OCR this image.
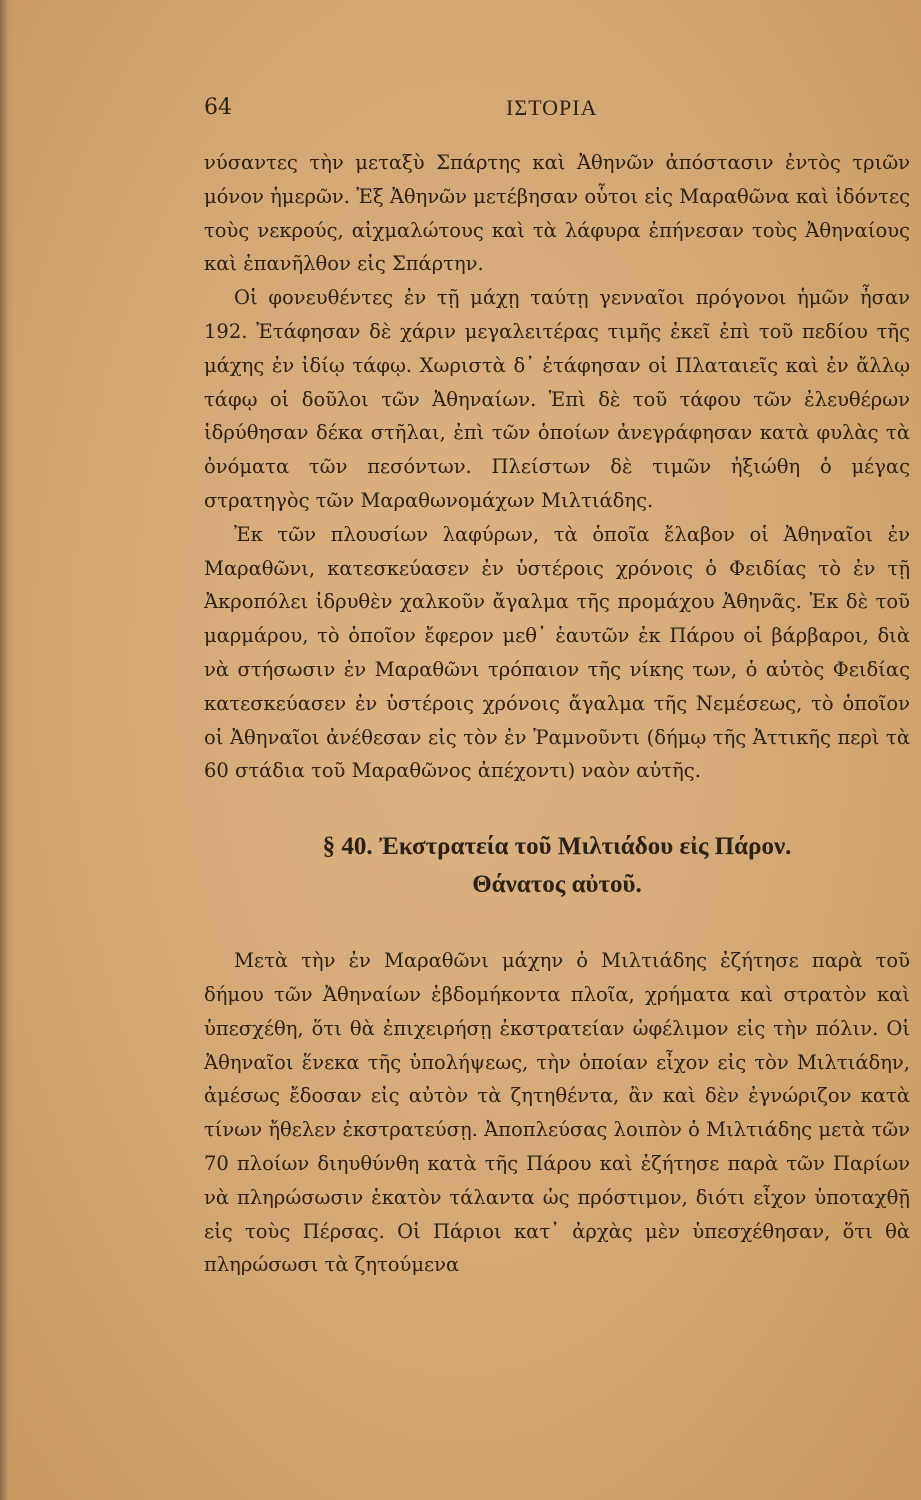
64	ΙΣΤΟΡΙΑ

νύσαντες τὴν μεταξὺ Σπάρτης καὶ Ἀθηνῶν ἀπόστασιν ἐντὸς τριῶν μόνον ἡμερῶν. Ἐξ Ἀθηνῶν μετέβησαν οὗτοι εἰς Μαραθῶνα καὶ ἰδόντες τοὺς νεκρούς, αἰχμαλώτους καὶ τὰ λάφυρα ἐπήνεσαν τοὺς Ἀθηναίους καὶ ἐπανῆλθον εἰς Σπάρτην.

Οἱ φονευθέντες ἐν τῇ μάχῃ ταύτῃ γενναῖοι πρόγονοι ἡμῶν ἦσαν 192. Ἐτάφησαν δὲ χάριν μεγαλειτέρας τιμῆς ἐκεῖ ἐπὶ τοῦ πεδίου τῆς μάχης ἐν ἰδίῳ τάφῳ. Χωριστὰ δ᾽ ἐτάφησαν οἱ Πλαταιεῖς καὶ ἐν ἄλλῳ τάφῳ οἱ δοῦλοι τῶν Ἀθηναίων. Ἐπὶ δὲ τοῦ τάφου τῶν ἐλευθέρων ἱδρύθησαν δέκα στῆλαι, ἐπὶ τῶν ὁποίων ἀνεγράφησαν κατὰ φυλὰς τὰ ὀνόματα τῶν πεσόντων. Πλείστων δὲ τιμῶν ἠξιώθη ὁ μέγας στρατηγὸς τῶν Μαραθωνομάχων Μιλτιάδης.

Ἐκ τῶν πλουσίων λαφύρων, τὰ ὁποῖα ἔλαβον οἱ Ἀθηναῖοι ἐν Μαραθῶνι, κατεσκεύασεν ἐν ὑστέροις χρόνοις ὁ Φειδίας τὸ ἐν τῇ Ἀκροπόλει ἱδρυθὲν χαλκοῦν ἄγαλμα τῆς προμάχου Ἀθηνᾶς. Ἐκ δὲ τοῦ μαρμάρου, τὸ ὁποῖον ἔφερον μεθ᾽ ἑαυτῶν ἐκ Πάρου οἱ βάρβαροι, διὰ νὰ στήσωσιν ἐν Μαραθῶνι τρόπαιον τῆς νίκης των, ὁ αὐτὸς Φειδίας κατεσκεύασεν ἐν ὑστέροις χρόνοις ἄγαλμα τῆς Νεμέσεως, τὸ ὁποῖον οἱ Ἀθηναῖοι ἀνέθεσαν εἰς τὸν ἐν Ῥαμνοῦντι (δήμῳ τῆς Ἀττικῆς περὶ τὰ 60 στάδια τοῦ Μαραθῶνος ἀπέχοντι) ναὸν αὐτῆς.

§ 40. Ἐκστρατεία τοῦ Μιλτιάδου εἰς Πάρον.
Θάνατος αὐτοῦ.

Μετὰ τὴν ἐν Μαραθῶνι μάχην ὁ Μιλτιάδης ἐζήτησε παρὰ τοῦ δήμου τῶν Ἀθηναίων ἑβδομήκοντα πλοῖα, χρήματα καὶ στρατὸν καὶ ὑπεσχέθη, ὅτι θὰ ἐπιχειρήσῃ ἐκστρατείαν ὠφέλιμον εἰς τὴν πόλιν. Οἱ Ἀθηναῖοι ἕνεκα τῆς ὑπολήψεως, τὴν ὁποίαν εἶχον εἰς τὸν Μιλτιάδην, ἀμέσως ἔδοσαν εἰς αὐτὸν τὰ ζητηθέντα, ἂν καὶ δὲν ἐγνώριζον κατὰ τίνων ἤθελεν ἐκστρατεύσῃ. Ἀποπλεύσας λοιπὸν ὁ Μιλτιάδης μετὰ τῶν 70 πλοίων διηυθύνθη κατὰ τῆς Πάρου καὶ ἐζήτησε παρὰ τῶν Παρίων νὰ πληρώσωσιν ἑκατὸν τάλαντα ὡς πρόστιμον, διότι εἶχον ὑποταχθῇ εἰς τοὺς Πέρσας. Οἱ Πάριοι κατ᾽ ἀρχὰς μὲν ὑπεσχέθησαν, ὅτι θὰ πληρώσωσι τὰ ζητούμενα
